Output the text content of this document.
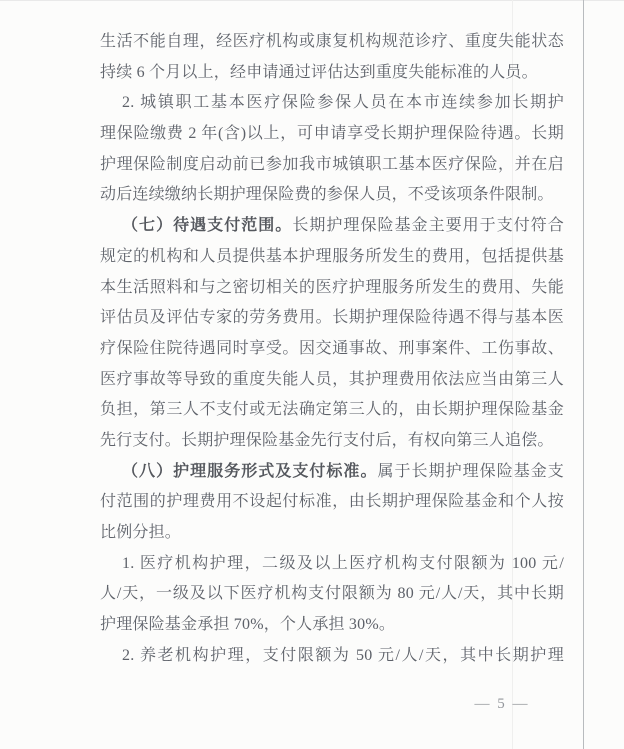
生活不能自理，经医疗机构或康复机构规范诊疗、重度失能状态
持续 6 个月以上，经申请通过评估达到重度失能标准的人员。
2. 城镇职工基本医疗保险参保人员在本市连续参加长期护
理保险缴费 2 年(含)以上，可申请享受长期护理保险待遇。长期
护理保险制度启动前已参加我市城镇职工基本医疗保险，并在启
动后连续缴纳长期护理保险费的参保人员，不受该项条件限制。
（七）待遇支付范围。长期护理保险基金主要用于支付符合
规定的机构和人员提供基本护理服务所发生的费用，包括提供基
本生活照料和与之密切相关的医疗护理服务所发生的费用、失能
评估员及评估专家的劳务费用。长期护理保险待遇不得与基本医
疗保险住院待遇同时享受。因交通事故、刑事案件、工伤事故、
医疗事故等导致的重度失能人员，其护理费用依法应当由第三人
负担，第三人不支付或无法确定第三人的，由长期护理保险基金
先行支付。长期护理保险基金先行支付后，有权向第三人追偿。
（八）护理服务形式及支付标准。属于长期护理保险基金支
付范围的护理费用不设起付标准，由长期护理保险基金和个人按
比例分担。
1. 医疗机构护理，二级及以上医疗机构支付限额为 100 元/
人/天，一级及以下医疗机构支付限额为 80 元/人/天，其中长期
护理保险基金承担 70%，个人承担 30%。
2. 养老机构护理，支付限额为 50 元/人/天，其中长期护理
— 5 —
